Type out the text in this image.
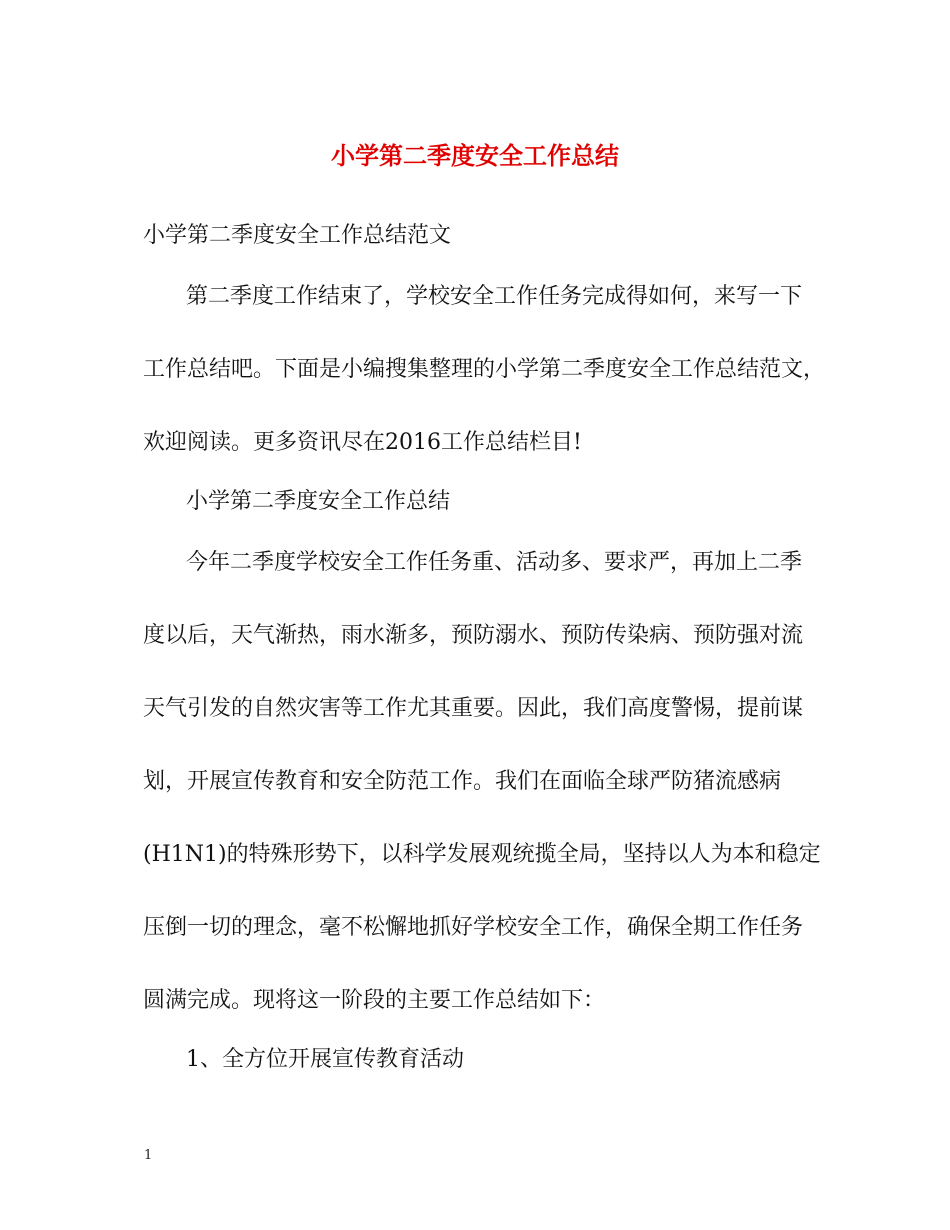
小学第二季度安全工作总结
小学第二季度安全工作总结范文
第二季度工作结束了，学校安全工作任务完成得如何，来写一下
工作总结吧。下面是小编搜集整理的小学第二季度安全工作总结范文，
欢迎阅读。更多资讯尽在2016工作总结栏目!
小学第二季度安全工作总结
今年二季度学校安全工作任务重、活动多、要求严，再加上二季
度以后，天气渐热，雨水渐多，预防溺水、预防传染病、预防强对流
天气引发的自然灾害等工作尤其重要。因此，我们高度警惕，提前谋
划，开展宣传教育和安全防范工作。我们在面临全球严防猪流感病
(H1N1)的特殊形势下，以科学发展观统揽全局，坚持以人为本和稳定
压倒一切的理念，毫不松懈地抓好学校安全工作，确保全期工作任务
圆满完成。现将这一阶段的主要工作总结如下：
1、全方位开展宣传教育活动
1
